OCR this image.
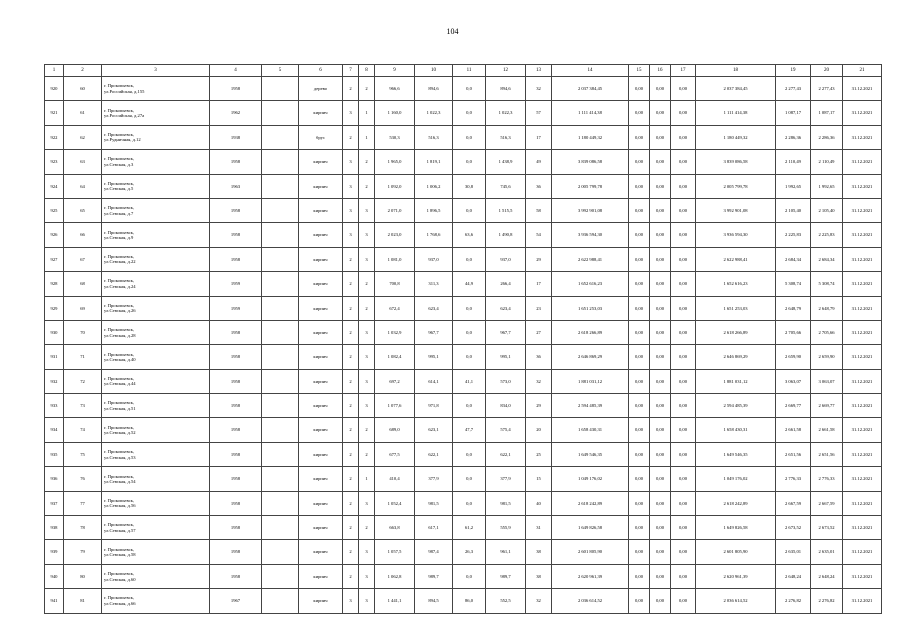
104
1	2	3	4	5	6	7	8	9	10	11	12	13	14	15	16	17	18	19	20	21
920	60	г. Прокопьевск,
ул.Российская, д.155	1958		дерево	2	2	966,6	894,6	0,0	894,6	32	2 037 384,45	0,00	0,00	0,00	2 037 384,45	2 277,43	2 277,43	31.12.2021
921	61	г. Прокопьевск,
ул.Российская, д.27а	1962		кирпич	3	1	1 160,0	1 022,3	0,0	1 022,3	57	1 111 414,38	0,00	0,00	0,00	1 111 414,38	1 087,17	1 087,17	31.12.2021
922	62	г. Прокопьевск,
ул.Рудничная, д.12	1938		брус	2	1	530,3	516,3	0,0	516,3	17	1 180 449,32	0,00	0,00	0,00	1 180 449,32	2 286,36	2 286,36	31.12.2021
923	63	г. Прокопьевск,
ул.Севская, д.3	1958		кирпич	3	2	1 965,0	1 819,1	0,0	1 438,9	49	3 839 086,58	0,00	0,00	0,00	3 839 086,58	2 110,49	2 110,49	31.12.2021
924	64	г. Прокопьевск,
ул.Севская, д.5	1963		кирпич	3	2	1 092,0	1 006,2	30,8	745,6	36	2 005 799,78	0,00	0,00	0,00	2 005 799,78	1 992,65	1 992,65	31.12.2021
925	65	г. Прокопьевск,
ул.Севская, д.7	1958		кирпич	3	3	2 071,0	1 896,5	0,0	1 515,5	58	3 992 901,08	0,00	0,00	0,00	3 992 901,08	2 105,40	2 105,40	31.12.2021
926	66	г. Прокопьевск,
ул.Севская, д.9	1958		кирпич	3	3	2 023,0	1 768,6	63,6	1 490,8	54	3 936 594,30	0,00	0,00	0,00	3 936 594,30	2 225,83	2 225,83	31.12.2021
927	67	г. Прокопьевск,
ул.Севская, д.22	1958		кирпич	2	3	1 081,0	937,0	0,0	937,0	29	2 622 988,41	0,00	0,00	0,00	2 622 988,41	2 684,34	2 684,34	31.12.2021
928	68	г. Прокопьевск,
ул.Севская, д.24	1959		кирпич	2	2	700,8	311,3	44,9	266,4	17	1 652 616,23	0,00	0,00	0,00	1 652 616,23	5 308,74	5 308,74	31.12.2021
929	69	г. Прокопьевск,
ул.Севская, д.26	1959		кирпич	2	2	672,4	623,4	0,0	623,4	23	1 651 253,03	0,00	0,00	0,00	1 651 253,03	2 648,79	2 648,79	31.12.2021
930	70	г. Прокопьевск,
ул.Севская, д.28	1958		кирпич	2	3	1 032,9	967,7	0,0	967,7	27	2 618 266,89	0,00	0,00	0,00	2 618 266,89	2 705,66	2 705,66	31.12.2021
931	71	г. Прокопьевск,
ул.Севская, д.40	1958		кирпич	2	3	1 082,4	995,1	0,0	995,1	36	2 646 869,29	0,00	0,00	0,00	2 646 869,29	2 659,90	2 659,90	31.12.2021
932	72	г. Прокопьевск,
ул.Севская, д.44	1958		кирпич	2	3	697,2	614,1	41,1	573,0	32	1 881 031,12	0,00	0,00	0,00	1 881 031,12	3 063,07	3 063,07	31.12.2021
933	73	г. Прокопьевск,
ул.Севская, д.51	1958		кирпич	2	3	1 077,6	971,8	0,0	834,0	29	2 594 485,39	0,00	0,00	0,00	2 594 485,39	2 669,77	2 669,77	31.12.2021
934	74	г. Прокопьевск,
ул.Севская, д.52	1958		кирпич	2	2	689,0	623,1	47,7	575,4	20	1 658 430,31	0,00	0,00	0,00	1 658 430,31	2 661,58	2 661,58	31.12.2021
935	75	г. Прокопьевск,
ул.Севская, д.53	1958		кирпич	2	2	677,5	622,1	0,0	622,1	25	1 649 546,35	0,00	0,00	0,00	1 649 546,35	2 651,56	2 651,56	31.12.2021
936	76	г. Прокопьевск,
ул.Севская, д.54	1958		кирпич	2	1	410,4	377,9	0,0	377,9	15	1 049 176,02	0,00	0,00	0,00	1 049 176,02	2 776,33	2 776,33	31.12.2021
937	77	г. Прокопьевск,
ул.Севская, д.56	1958		кирпич	2	3	1 052,4	981,5	0,0	981,5	40	2 618 242,89	0,00	0,00	0,00	2 618 242,89	2 667,59	2 667,59	31.12.2021
938	78	г. Прокопьевск,
ул.Севская, д.57	1958		кирпич	2	2	663,8	617,1	61,2	555,9	31	1 649 826,58	0,00	0,00	0,00	1 649 826,58	2 673,52	2 673,52	31.12.2021
939	79	г. Прокопьевск,
ул.Севская, д.58	1958		кирпич	2	3	1 057,5	987,4	26,3	961,1	38	2 601 805,90	0,00	0,00	0,00	2 601 805,90	2 635,01	2 635,01	31.12.2021
940	80	г. Прокопьевск,
ул.Севская, д.60	1958		кирпич	2	3	1 062,8	989,7	0,0	989,7	38	2 620 961,39	0,00	0,00	0,00	2 620 961,39	2 648,24	2 648,24	31.12.2021
941	81	г. Прокопьевск,
ул.Севская, д.66	1967		кирпич	3	3	1 441,1	894,5	86,0	552,5	32	2 036 614,52	0,00	0,00	0,00	2 036 614,52	2 276,82	2 276,82	31.12.2021
